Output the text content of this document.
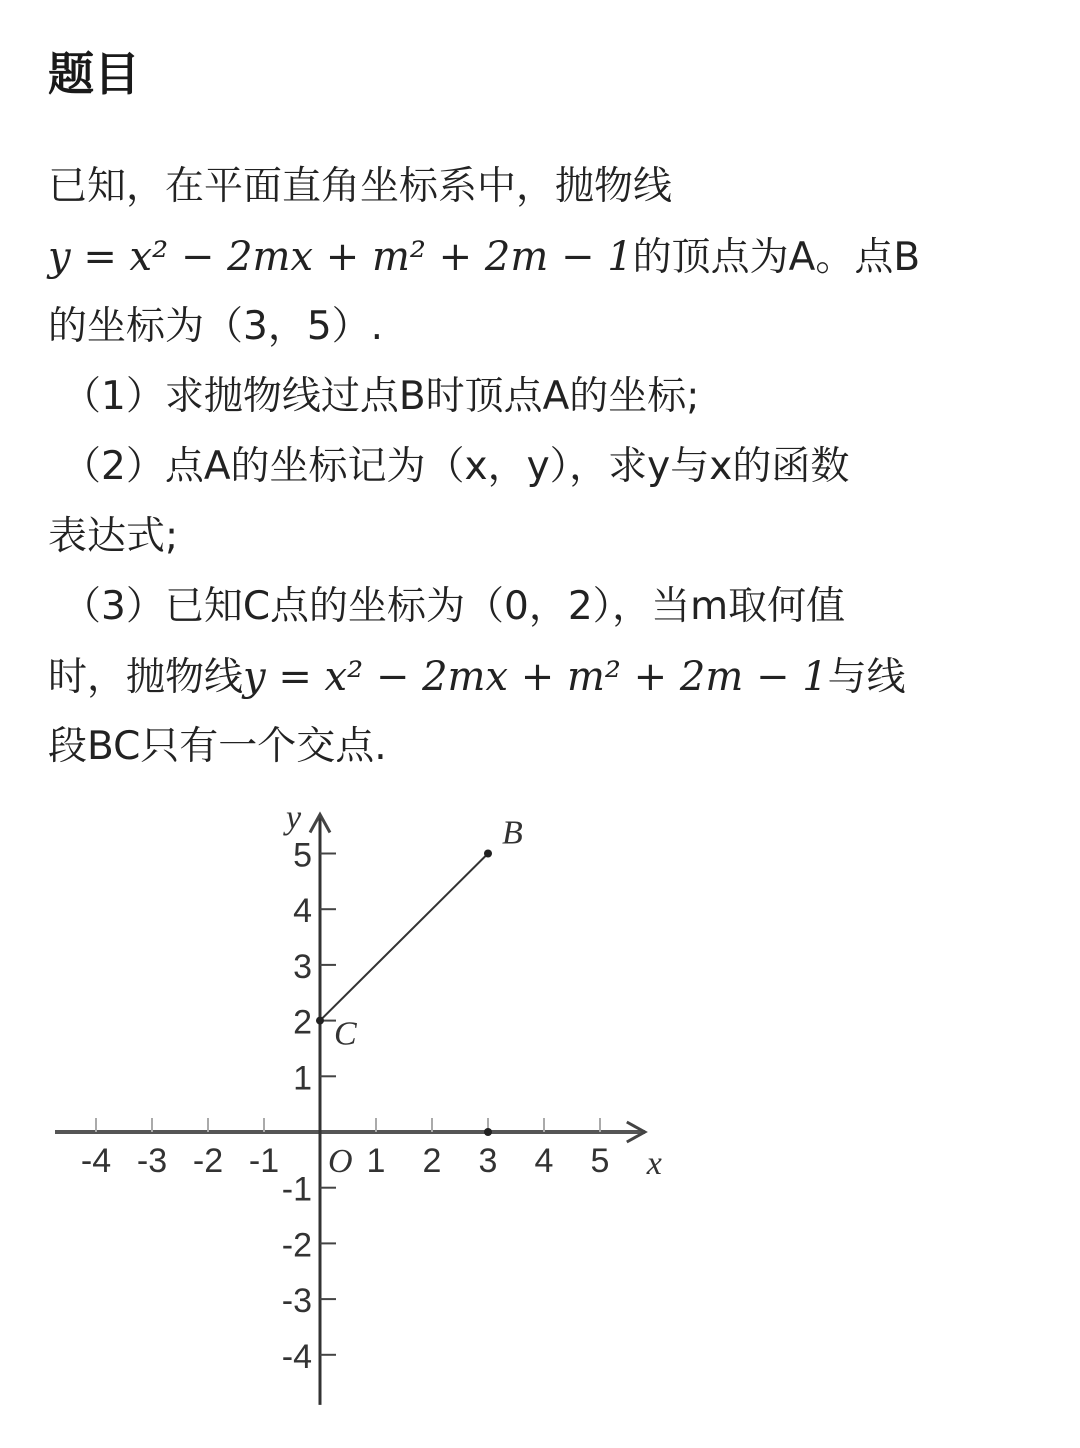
题目
已知，在平面直角坐标系中，抛物线
y = x² − 2mx + m² + 2m − 1的顶点为A。点B
的坐标为（3，5）.
（1）求抛物线过点B时顶点A的坐标;
（2）点A的坐标记为（x，y），求y与x的函数
表达式;
（3）已知C点的坐标为（0，2），当m取何值
时，抛物线y = x² − 2mx + m² + 2m − 1与线
段BC只有一个交点.
-4 -3 -2 -1	1 2 3 4 5
5
4
3
2
1
-1
-2
-3
-4
O	x
y	B
C
